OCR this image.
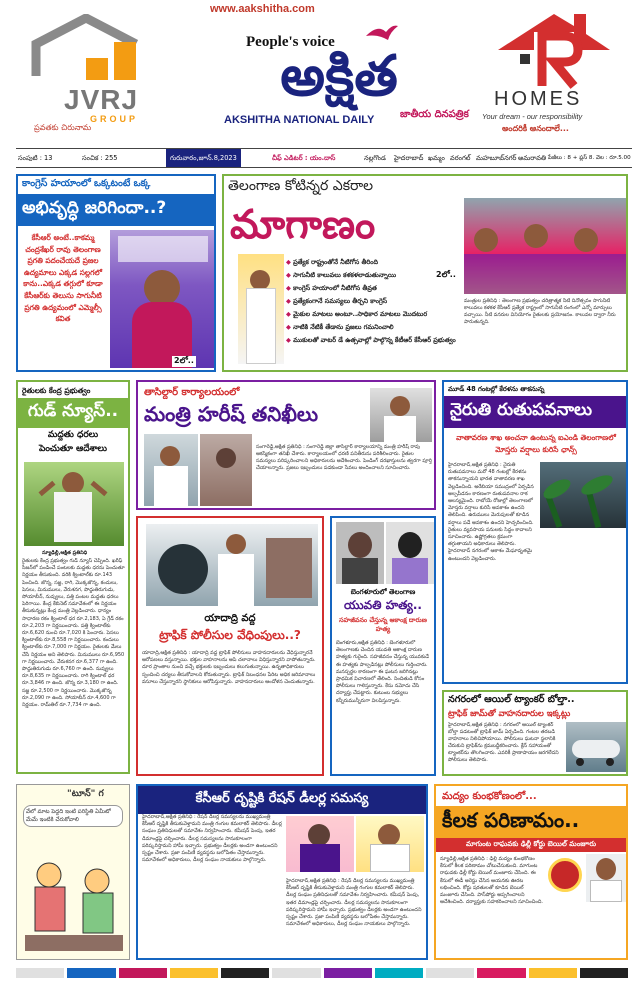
JVRJ
GROUP
ప్రవతకు చిరునామ
www.aakshitha.com
People's voice
అక్షిత
AKSHITHA NATIONAL DAILY	జాతీయ దినపత్రిక
HOMES
Your dream - our responsibility
అందరికీ ఆనందాలే...
సంపుటి : 13	సంచిక : 255	గురువారం,జూన్.8,2023	చీఫ్ ఎడిటర్ : యం.దాస్	నల్లగొండ హైదరాబాద్ ఖమ్మం వరంగల్ మహబూబ్‌నగర్ అమరావతి పేజీలు : 8 + ప్లస్ 8. వెల : రూ.5.00
కాంగ్రెస్ హయాంలో ఒక్కటంటే ఒక్క
అభివృద్ధి జరిగిందా..?
కేసీఆర్ అంటే..కాకమ్మ చంద్రశేఖర్ రావు తెలంగాణ ప్రగతి పదంచేయదే ప్రజల ఉద్యమాలు ఎక్కడ సల్లగలో కాను..ఎక్కడ తగ్గులో కూడా కేసీఆర్‌కు తెలుసు సాగునీటి ప్రగతి ఉద్యమంలో ఎమ్మెల్సీ కవిత
2లో..
తెలంగాణ కోటిన్నర ఎకరాల
మాగాణం
◆ ప్రత్యేక రాష్ట్రంతోనే నీటిగోస తీరింది
◆ సాగునీటి కాలువలు కళకళలాడుతున్నాయి
◆ కాంగ్రెస్ హయాంలో నీటిగోస తీవ్రత
◆ ప్రత్యేకంగానే సమస్యలు తీర్చని కాంగ్రెస్
◆ మైకుల మాటలు అంటూ..సాధికార మాటలు మొదటుర
◆ నాటికి నేటికీ తేడాను ప్రజలు గమనించాలి
◆ ముకులతో వాటర్ డే ఉత్సవాల్లో పాల్గొన్న కేటీఆర్ కేసీఆర్ ప్రభుత్వం
2లో..
మంత్రుల ప్రతినిధి : తెలంగాణ ప్రభుత్వం చరిత్రాత్మక నీటి దినోత్సవం సాగునీటి కాలువలు కళకళ కేసీఆర్ ప్రత్యేక రాష్ట్రంలో సాగునీటి రంగంలో ఎన్నో మార్పులు వచ్చాయి. నీటి వనరుల వినియోగం రైతులకు ప్రయోజనం. కాలువల ద్వారా నీరు పారుతున్నది.
రైతులకు కేంద్ర ప్రభుత్వం
గుడ్ న్యూస్..
మద్దతు ధరలు
పెంచుతూ ఆదేశాలు
న్యూఢిల్లీ,ఆక్షిత ప్రతినిధి
రైతులకు కేంద్ర ప్రభుత్వం గుడ్ న్యూస్ చెప్పింది. ఖరీఫ్ సీజన్‌లో పండించే పంటలకు మద్దతు ధరను పెంచుతూ నిర్ణయం తీసుకుంది. వరికి క్వింటాల్‌కు రూ.143 పెంచింది. జొన్న, సజ్జ, రాగి, మొక్కజొన్న, కందులు, పెసలు, మినుములు, వేరుశనగ, పొద్దుతిరుగుడు, సోయాబీన్, నువ్వులు, పత్తి పంటల మద్దతు ధరలు పెరిగాయి. కేంద్ర కేబినెట్ సమావేశంలో ఈ నిర్ణయం తీసుకున్నట్లు కేంద్ర మంత్రి వెల్లడించారు. ధాన్యం సాధారణ రకం క్వింటాల్ ధర రూ.2,183, ఏ గ్రేడ్ రకం రూ.2,203 గా నిర్ణయించారు. పత్తి క్వింటాల్‌కు రూ.6,620 నుంచి రూ.7,020 కి పెంచారు. పెసలు క్వింటాల్‌కు రూ.8,558 గా నిర్ణయించారు. కందులు క్వింటాల్‌కు రూ.7,000 గా నిర్ణయం. రైతులకు మేలు చేసే నిర్ణయం అని తెలిపారు. మినుములు రూ.6,950 గా నిర్ణయించారు. వేరుశనగ రూ.6,377 గా ఉంది. పొద్దుతిరుగుడు రూ.6,760 గా ఉంది. నువ్వులు రూ.8,635 గా నిర్ణయించారు. రాగి క్వింటాల్ ధర రూ.3,846 గా ఉంది. జొన్న రూ.3,180 గా ఉంది. సజ్జ రూ.2,500 గా నిర్ణయించారు. మొక్కజొన్న రూ.2,090 గా ఉంది. సోయాబీన్ రూ.4,600 గా నిర్ణయం. రామ్‌తిల్ రూ.7,734 గా ఉంది.
తాసిల్దార్ కార్యాలయంలో
మంత్రి హరీష్ తనిఖీలు
సంగారెడ్డి,ఆక్షిత ప్రతినిధి : సంగారెడ్డి జిల్లా తాసిల్దార్ కార్యాలయాన్ని మంత్రి హరీష్ రావు ఆకస్మికంగా తనిఖీ చేశారు. కార్యాలయంలో ధరణి పనితీరును పరిశీలించారు. రైతుల సమస్యలు పరిష్కరించాలని అధికారులను ఆదేశించారు. పెండింగ్ దరఖాస్తులను త్వరగా పూర్తి చేయాలన్నారు. ప్రజలు ఇబ్బందులు పడకుండా సేవలు అందించాలని సూచించారు.
మూడ్ 48 గంటల్లో కేరళను తాకనున్న
నైరుతి రుతుపవనాలు
వాతావరణ శాఖ అంచనా ఉంటున్న ఐఎండి తెలంగాణలో మోస్తరు వర్షాలు కురిసే ఛాన్స్
హైదరాబాద్,ఆక్షిత ప్రతినిధి : నైరుతి రుతుపవనాలు మరో 48 గంటల్లో కేరళను తాకనున్నాయని భారత వాతావరణ శాఖ వెల్లడించింది. అరేబియా సముద్రంలో ఏర్పడిన అల్పపీడనం కారణంగా రుతుపవనాల రాక ఆలస్యమైంది. రాబోయే రోజుల్లో తెలంగాణలో మోస్తరు వర్షాలు కురిసే అవకాశం ఉందని తెలిపింది. ఉరుములు మెరుపులతో కూడిన వర్షాలు పడే అవకాశం ఉందని హెచ్చరించింది. రైతులు వ్యవసాయ పనులకు సిద్ధం కావాలని సూచించారు. ఉష్ణోగ్రతలు క్రమంగా తగ్గుతాయని అధికారులు తెలిపారు. హైదరాబాద్ నగరంలో ఆకాశం మేఘావృతమై ఉంటుందని వెల్లడించారు.
యాదాద్రి వద్ద
ట్రాఫిక్ పోలీసుల వేధింపులు..?
యాదాద్రి,ఆక్షిత ప్రతినిధి : యాదాద్రి వద్ద ట్రాఫిక్ పోలీసులు వాహనదారులను వేధిస్తున్నారనే ఆరోపణలు వస్తున్నాయి. భక్తుల వాహనాలను ఆపి చలానాలు విధిస్తున్నారని వాపోతున్నారు. దూర ప్రాంతాల నుంచి వచ్చే భక్తులకు ఇబ్బందులు కలుగుతున్నాయి. ఉన్నతాధికారులు స్పందించి చర్యలు తీసుకోవాలని కోరుతున్నారు. ట్రాఫిక్ నిబంధనల పేరిట అధిక జరిమానాలు వసూలు చేస్తున్నారని స్థానికులు ఆరోపిస్తున్నారు. వాహనదారులు ఆందోళన చెందుతున్నారు.
బెంగళూరులో తెలంగాణ
యువతి హత్య..
సహజీవనం చేస్తున్న ఆకాంక్ష దారుణ హత్య
బెంగళూరు,ఆక్షిత ప్రతినిధి : బెంగళూరులో తెలంగాణకు చెందిన యువతి ఆకాంక్ష దారుణ హత్యకు గురైంది. సహజీవనం చేస్తున్న యువకుడే ఈ హత్యకు పాల్పడినట్లు పోలీసులు గుర్తించారు. మనస్పర్థల కారణంగా ఈ ఘటన జరిగినట్లు ప్రాథమిక విచారణలో తేలింది. నిందితుడి కోసం పోలీసులు గాలిస్తున్నారు. కేసు నమోదు చేసి దర్యాప్తు చేపట్టారు. కుటుంబ సభ్యులు కన్నీరుమున్నీరుగా విలపిస్తున్నారు.	నగరంలో ఆయిల్ ట్యాంకర్ బోల్తా..
ట్రాఫిక్ జామ్‌తో వాహనదారుల ఇక్కట్లు
హైదరాబాద్,ఆక్షిత ప్రతినిధి : నగరంలో ఆయిల్ ట్యాంకర్ బోల్తా పడటంతో ట్రాఫిక్ జామ్ ఏర్పడింది. గంటల తరబడి వాహనాలు నిలిచిపోయాయి. పోలీసులు ఘటనా స్థలానికి చేరుకుని ట్రాఫిక్‌ను క్రమబద్ధీకరించారు. క్రేన్ సహాయంతో ట్యాంకర్‌ను తొలగించారు. ఎవరికీ ప్రాణాపాయం జరగలేదని పోలీసులు తెలిపారు.
"టూన్" గ
వేలో మాట పెద్దది ఇంటి పరిస్థితి ఏమీటో మేమే ఇంటికి చేరుకోవాలి
కేసీఆర్ దృష్టికి రేషన్ డీలర్ల సమస్య
హైదరాబాద్,ఆక్షిత ప్రతినిధి : రేషన్ డీలర్ల సమస్యలను ముఖ్యమంత్రి కేసీఆర్ దృష్టికి తీసుకువెళ్తామని మంత్రి గంగుల కమలాకర్ తెలిపారు. డీలర్ల సంఘం ప్రతినిధులతో సమావేశం నిర్వహించారు. కమీషన్ పెంపు, ఇతర డిమాండ్లపై చర్చించారు. డీలర్ల సమస్యలను సానుకూలంగా పరిష్కరిస్తామని హామీ ఇచ్చారు. ప్రభుత్వం డీలర్లకు అండగా ఉంటుందని స్పష్టం చేశారు. ప్రజా పంపిణీ వ్యవస్థను బలోపేతం చేస్తామన్నారు. సమావేశంలో అధికారులు, డీలర్ల సంఘం నాయకులు పాల్గొన్నారు.
హైదరాబాద్,ఆక్షిత ప్రతినిధి : రేషన్ డీలర్ల సమస్యలను ముఖ్యమంత్రి కేసీఆర్ దృష్టికి తీసుకువెళ్తామని మంత్రి గంగుల కమలాకర్ తెలిపారు. డీలర్ల సంఘం ప్రతినిధులతో సమావేశం నిర్వహించారు. కమీషన్ పెంపు, ఇతర డిమాండ్లపై చర్చించారు. డీలర్ల సమస్యలను సానుకూలంగా పరిష్కరిస్తామని హామీ ఇచ్చారు. ప్రభుత్వం డీలర్లకు అండగా ఉంటుందని స్పష్టం చేశారు. ప్రజా పంపిణీ వ్యవస్థను బలోపేతం చేస్తామన్నారు. సమావేశంలో అధికారులు, డీలర్ల సంఘం నాయకులు పాల్గొన్నారు.
మద్యం కుంభకోణంలో...
కీలక పరిణామం..
మాగుంట రాఘవకు ఢిల్లీ కోర్టు బెయిల్ మంజూరు
న్యూఢిల్లీ,ఆక్షిత ప్రతినిధి : ఢిల్లీ మద్యం కుంభకోణం కేసులో కీలక పరిణామం చోటుచేసుకుంది. మాగుంట రాఘవకు ఢిల్లీ కోర్టు బెయిల్ మంజూరు చేసింది. ఈ కేసులో ఈడీ అరెస్టు చేసిన ఆయనకు ఊరట లభించింది. కోర్టు షరతులతో కూడిన బెయిల్ మంజూరు చేసింది. పాస్‌పోర్టు అప్పగించాలని ఆదేశించింది. దర్యాప్తుకు సహకరించాలని సూచించింది.
